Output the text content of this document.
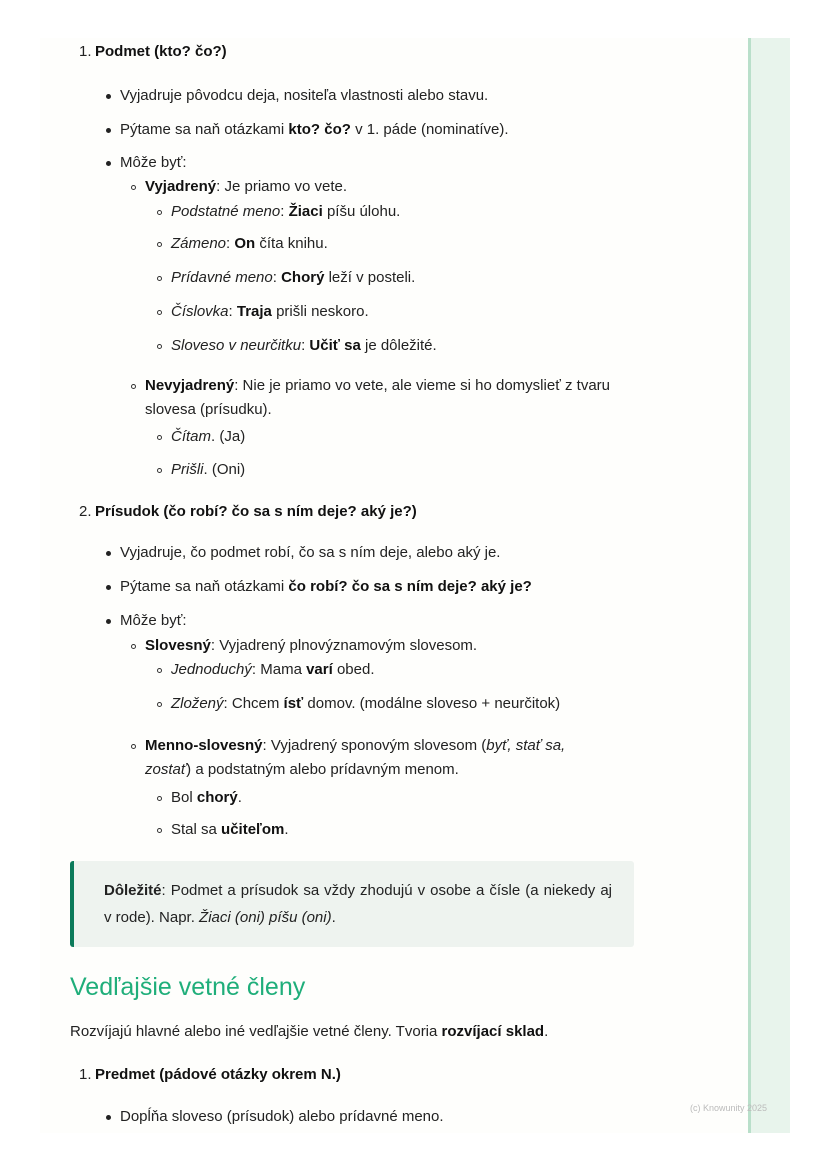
Podmet (kto? čo?)
1.
Vyjadruje pôvodcu deja, nositeľa vlastnosti alebo stavu.
Pýtame sa naň otázkami kto? čo? v 1. páde (nominatíve).
Môže byť:
Vyjadrený: Je priamo vo vete.
Podstatné meno: Žiaci píšu úlohu.
Zámeno: On číta knihu.
Prídavné meno: Chorý leží v posteli.
Číslovka: Traja prišli neskoro.
Sloveso v neurčitku: Učiť sa je dôležité.
Nevyjadrený: Nie je priamo vo vete, ale vieme si ho domyslieť z tvaru slovesa (prísudku).
Čítam. (Ja)
Prišli. (Oni)
Prísudok (čo robí? čo sa s ním deje? aký je?)
2.
Vyjadruje, čo podmet robí, čo sa s ním deje, alebo aký je.
Pýtame sa naň otázkami čo robí? čo sa s ním deje? aký je?
Môže byť:
Slovesný: Vyjadrený plnovýznamovým slovesom.
Jednoduchý: Mama varí obed.
Zložený: Chcem ísť domov. (modálne sloveso + neurčitok)
Menno-slovesný: Vyjadrený sponovým slovesom (byť, stať sa, zostať) a podstatným alebo prídavným menom.
Bol chorý.
Stal sa učiteľom.
Rozvíjajú hlavné alebo iné vedľajšie vetné členy. Tvoria rozvíjací sklad.
Predmet (pádové otázky okrem N.)
1.
Dopĺňa sloveso (prísudok) alebo prídavné meno.
Dôležité: Podmet a prísudok sa vždy zhodujú v osobe a čísle (a niekedy aj v rode). Napr. Žiaci (oni) píšu (oni).
Vedľajšie vetné členy
(c) Knowunity 2025
